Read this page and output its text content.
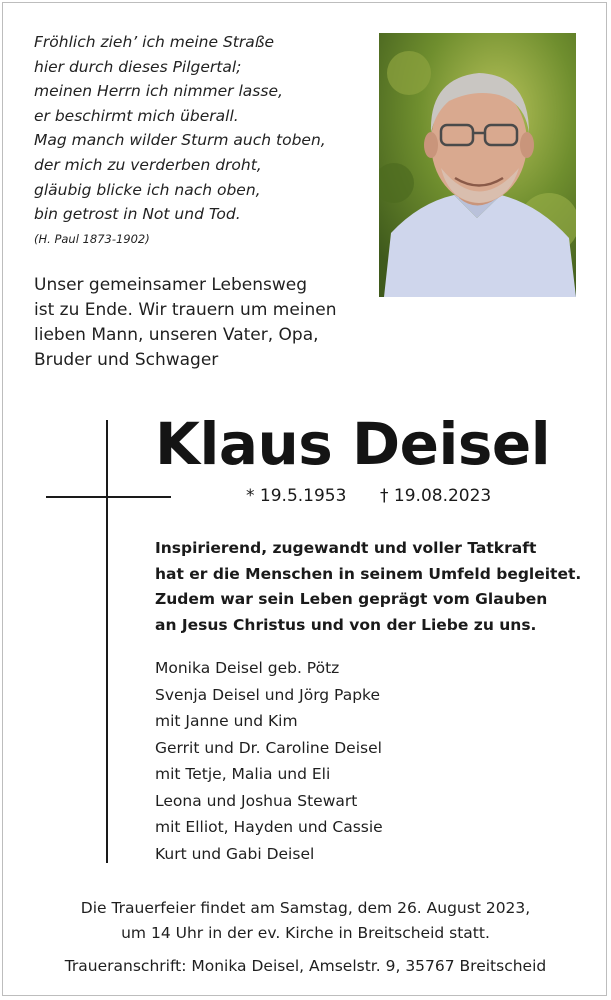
Fröhlich zieh’ ich meine Straße
hier durch dieses Pilgertal;
meinen Herrn ich nimmer lasse,
er beschirmt mich überall.
Mag manch wilder Sturm auch toben,
der mich zu verderben droht,
gläubig blicke ich nach oben,
bin getrost in Not und Tod.
(H. Paul 1873-1902)
Unser gemeinsamer Lebensweg
ist zu Ende. Wir trauern um meinen
lieben Mann, unseren Vater, Opa,
Bruder und Schwager
Klaus Deisel
* 19.5.1953 † 19.08.2023
Inspirierend, zugewandt und voller Tatkraft
hat er die Menschen in seinem Umfeld begleitet.
Zudem war sein Leben geprägt vom Glauben
an Jesus Christus und von der Liebe zu uns.
Monika Deisel geb. Pötz
Svenja Deisel und Jörg Papke
mit Janne und Kim
Gerrit und Dr. Caroline Deisel
mit Tetje, Malia und Eli
Leona und Joshua Stewart
mit Elliot, Hayden und Cassie
Kurt und Gabi Deisel
Die Trauerfeier findet am Samstag, dem 26. August 2023,
um 14 Uhr in der ev. Kirche in Breitscheid statt.
Traueranschrift: Monika Deisel, Amselstr. 9, 35767 Breitscheid
